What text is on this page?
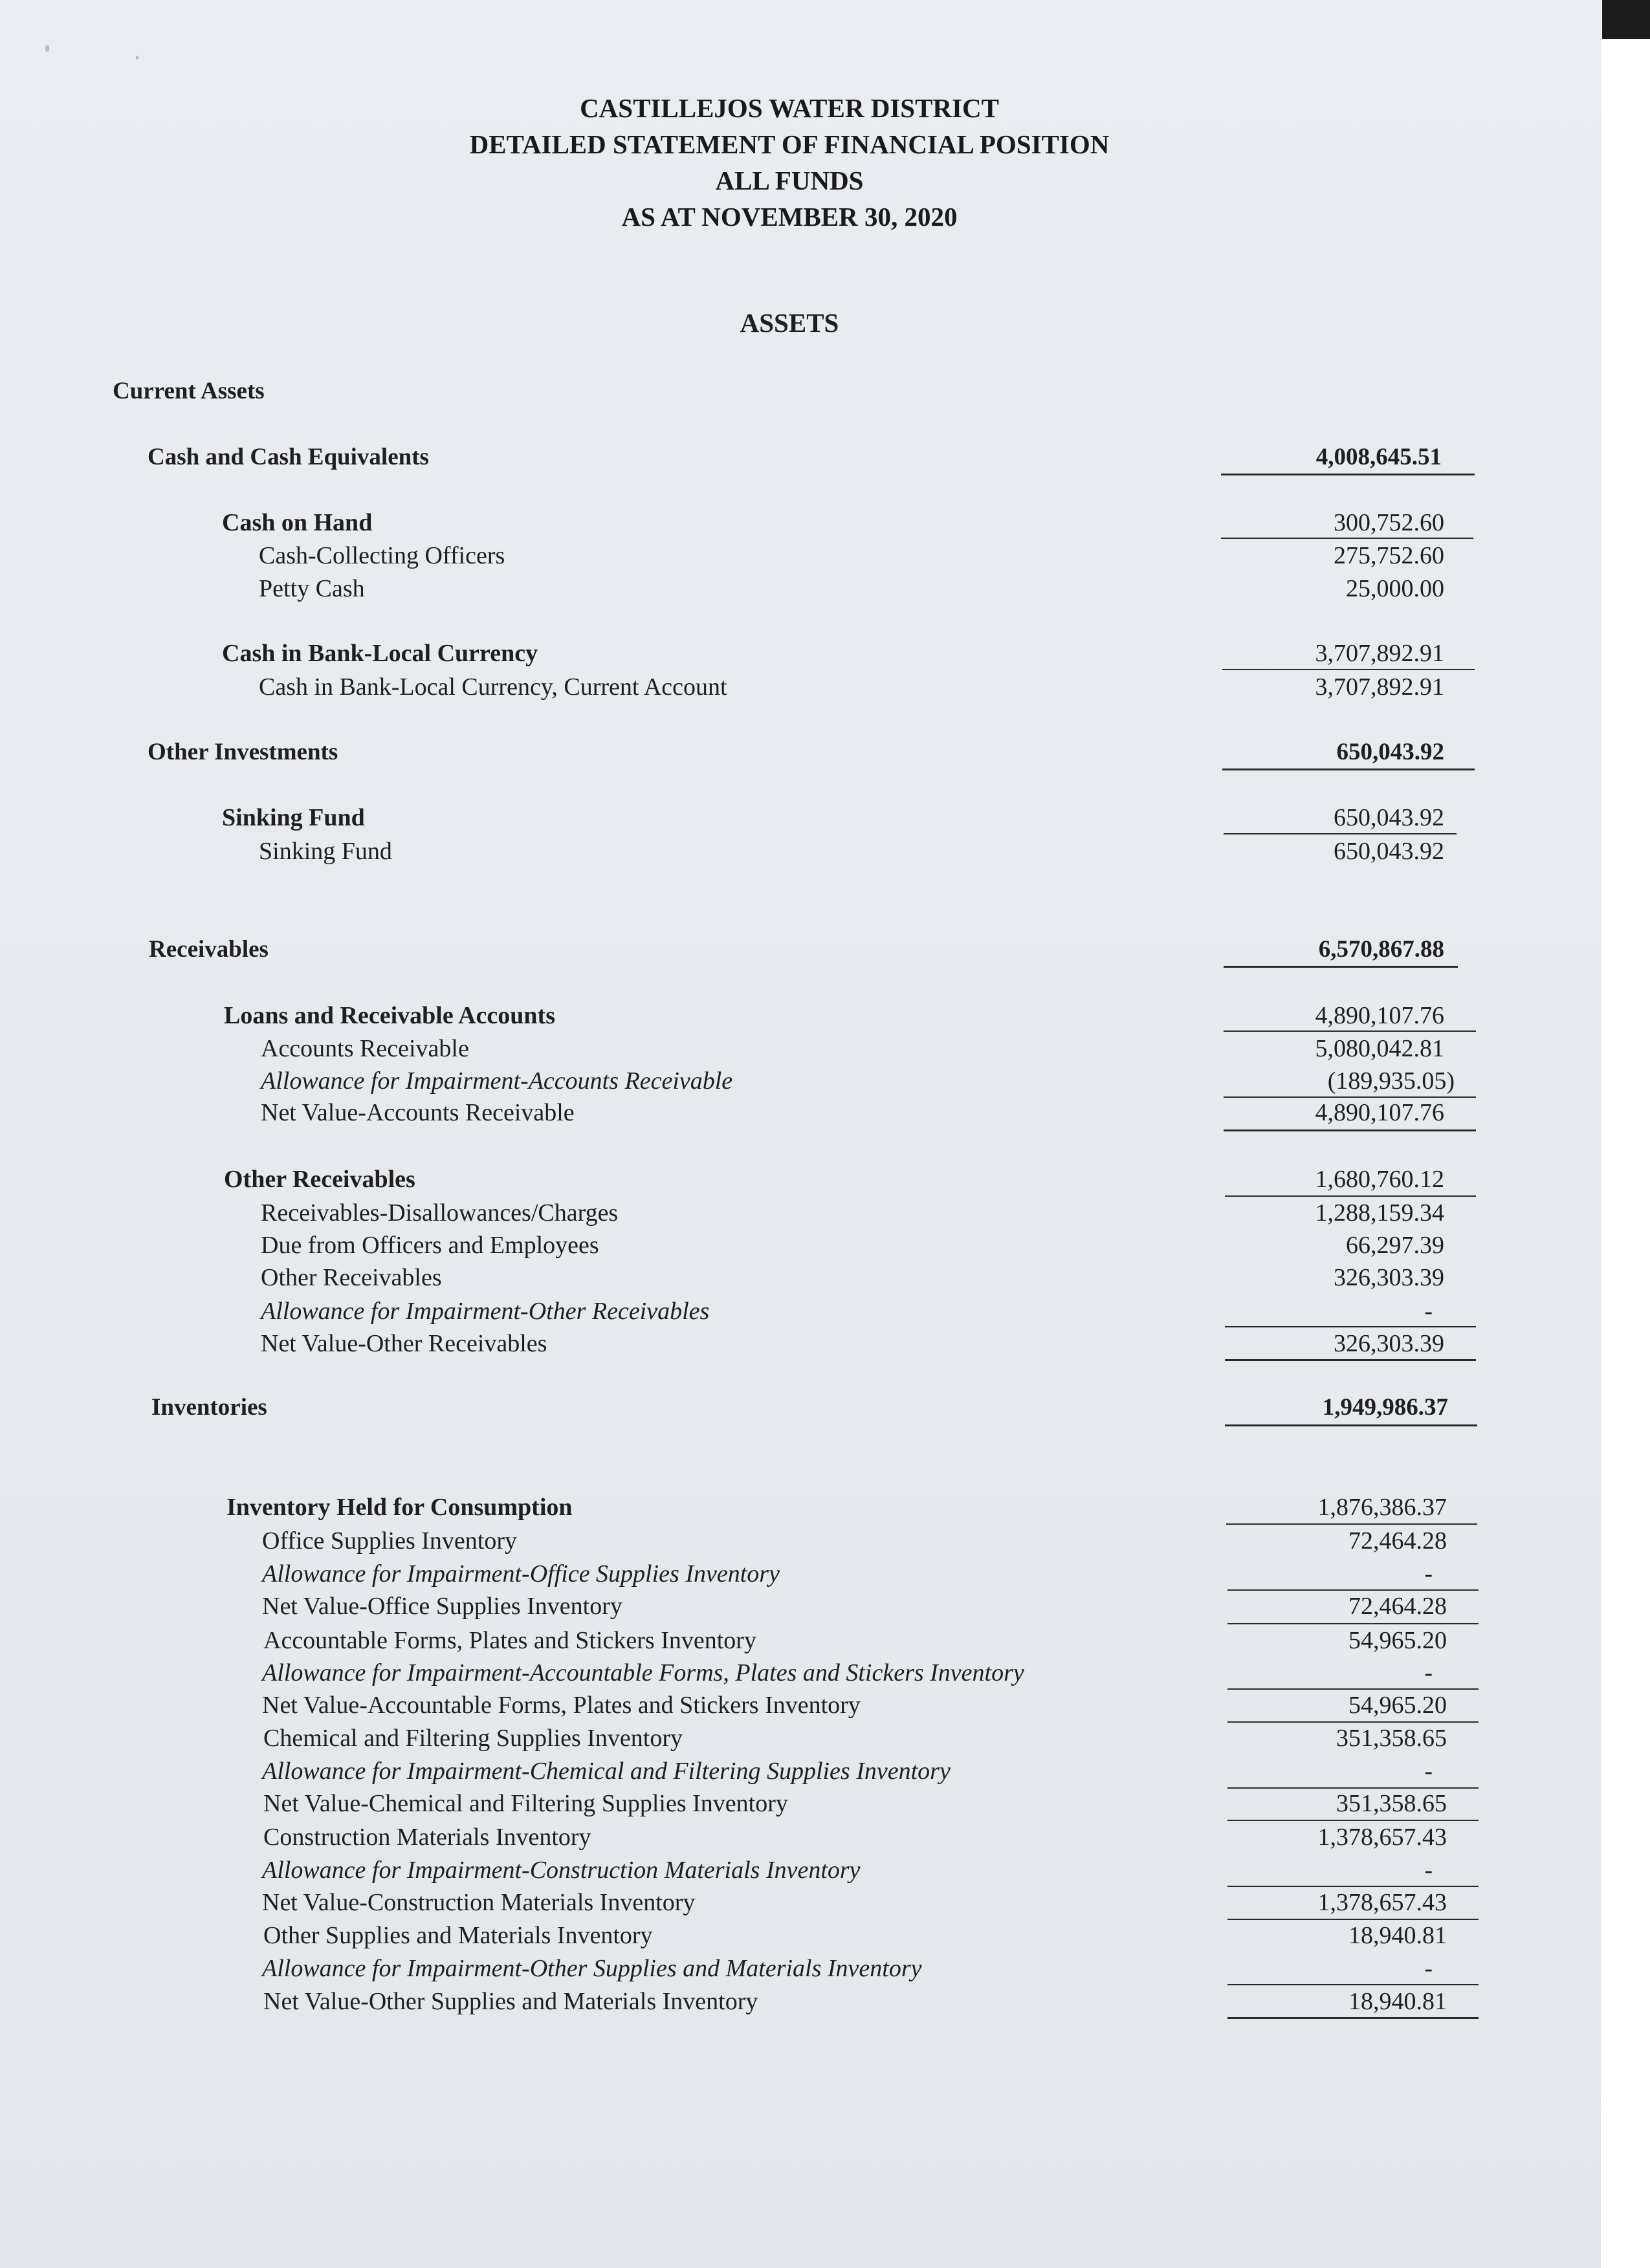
CASTILLEJOS WATER DISTRICT
DETAILED STATEMENT OF FINANCIAL POSITION
ALL FUNDS
AS AT NOVEMBER 30, 2020
ASSETS
Current Assets
Cash and Cash Equivalents	4,008,645.51
Cash on Hand	300,752.60
Cash-Collecting Officers	275,752.60
Petty Cash	25,000.00
Cash in Bank-Local Currency	3,707,892.91
Cash in Bank-Local Currency, Current Account	3,707,892.91
Other Investments	650,043.92
Sinking Fund	650,043.92
Sinking Fund	650,043.92
Receivables	6,570,867.88
Loans and Receivable Accounts	4,890,107.76
Accounts Receivable	5,080,042.81
Allowance for Impairment-Accounts Receivable	(189,935.05)
Net Value-Accounts Receivable	4,890,107.76
Other Receivables	1,680,760.12
Receivables-Disallowances/Charges	1,288,159.34
Due from Officers and Employees	66,297.39
Other Receivables	326,303.39
Allowance for Impairment-Other Receivables	-
Net Value-Other Receivables	326,303.39
Inventories	1,949,986.37
Inventory Held for Consumption	1,876,386.37
Office Supplies Inventory	72,464.28
Allowance for Impairment-Office Supplies Inventory	-
Net Value-Office Supplies Inventory	72,464.28
Accountable Forms, Plates and Stickers Inventory	54,965.20
Allowance for Impairment-Accountable Forms, Plates and Stickers Inventory	-
Net Value-Accountable Forms, Plates and Stickers Inventory	54,965.20
Chemical and Filtering Supplies Inventory	351,358.65
Allowance for Impairment-Chemical and Filtering Supplies Inventory	-
Net Value-Chemical and Filtering Supplies Inventory	351,358.65
Construction Materials Inventory	1,378,657.43
Allowance for Impairment-Construction Materials Inventory	-
Net Value-Construction Materials Inventory	1,378,657.43
Other Supplies and Materials Inventory	18,940.81
Allowance for Impairment-Other Supplies and Materials Inventory	-
Net Value-Other Supplies and Materials Inventory	18,940.81
